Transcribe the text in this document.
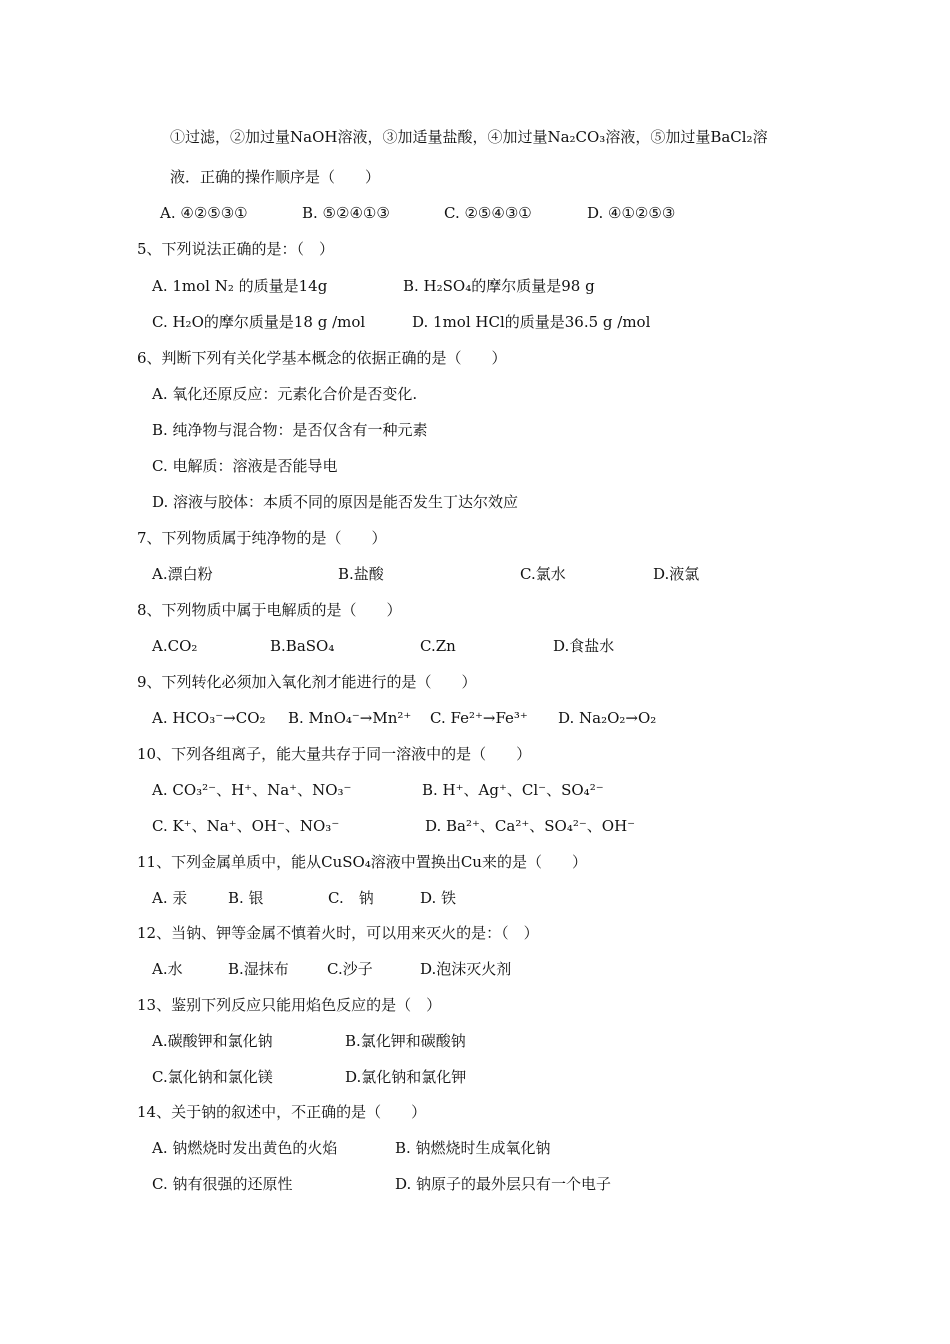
①过滤，②加过量NaOH溶液，③加适量盐酸，④加过量Na₂CO₃溶液，⑤加过量BaCl₂溶
液．正确的操作顺序是（　　）
A. ④②⑤③①	B. ⑤②④①③	C. ②⑤④③①	D. ④①②⑤③
5、下列说法正确的是：（　）
A. 1mol N₂ 的质量是14g	B. H₂SO₄的摩尔质量是98 g
C. H₂O的摩尔质量是18 g /mol	D. 1mol HCl的质量是36.5 g /mol
6、判断下列有关化学基本概念的依据正确的是（　　）
A. 氧化还原反应：元素化合价是否变化.
B. 纯净物与混合物：是否仅含有一种元素
C. 电解质：溶液是否能导电
D. 溶液与胶体：本质不同的原因是能否发生丁达尔效应
7、下列物质属于纯净物的是（　　）
A.漂白粉	B.盐酸	C.氯水	D.液氯
8、下列物质中属于电解质的是（　　）
A.CO₂	B.BaSO₄	C.Zn	D.食盐水
9、下列转化必须加入氧化剂才能进行的是（　　）
A. HCO₃⁻→CO₂ B. MnO₄⁻→Mn²⁺ C. Fe²⁺→Fe³⁺ D. Na₂O₂→O₂
10、下列各组离子，能大量共存于同一溶液中的是（　　）
A. CO₃²⁻、H⁺、Na⁺、NO₃⁻	B. H⁺、Ag⁺、Cl⁻、SO₄²⁻
C. K⁺、Na⁺、OH⁻、NO₃⁻	D. Ba²⁺、Ca²⁺、SO₄²⁻、OH⁻
11、下列金属单质中，能从CuSO₄溶液中置换出Cu来的是（　　）
A. 汞	B. 银	C.　钠	D. 铁
12、当钠、钾等金属不慎着火时，可以用来灭火的是：（　）
A.水	B.湿抹布	C.沙子	D.泡沫灭火剂
13、鉴别下列反应只能用焰色反应的是（　）
A.碳酸钾和氯化钠	B.氯化钾和碳酸钠
C.氯化钠和氯化镁	D.氯化钠和氯化钾
14、关于钠的叙述中，不正确的是（　　）
A. 钠燃烧时发出黄色的火焰	B. 钠燃烧时生成氧化钠
C. 钠有很强的还原性	D. 钠原子的最外层只有一个电子
